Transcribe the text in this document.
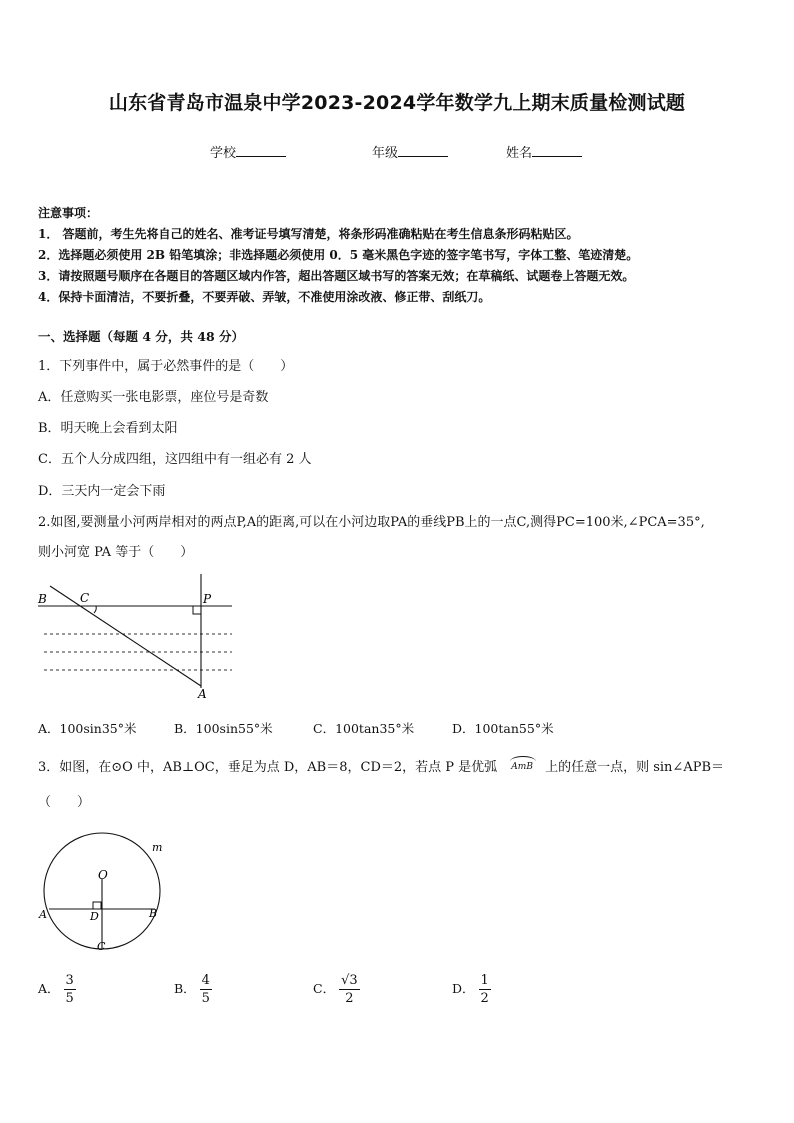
山东省青岛市温泉中学2023-2024学年数学九上期末质量检测试题
学校	年级	姓名
注意事项：
1． 答题前，考生先将自己的姓名、准考证号填写清楚，将条形码准确粘贴在考生信息条形码粘贴区。
2．选择题必须使用 2B 铅笔填涂；非选择题必须使用 0．5 毫米黑色字迹的签字笔书写，字体工整、笔迹清楚。
3．请按照题号顺序在各题目的答题区域内作答，超出答题区域书写的答案无效；在草稿纸、试题卷上答题无效。
4．保持卡面清洁，不要折叠，不要弄破、弄皱，不准使用涂改液、修正带、刮纸刀。
一、选择题（每题 4 分，共 48 分）
1．下列事件中，属于必然事件的是（　　）
A．任意购买一张电影票，座位号是奇数
B．明天晚上会看到太阳
C．五个人分成四组，这四组中有一组必有 2 人
D．三天内一定会下雨
2.如图,要测量小河两岸相对的两点P,A的距离,可以在小河边取PA的垂线PB上的一点C,测得PC=100米,∠PCA=35°,
则小河宽 PA 等于（　　）
B	C	P
A
A．100sin35°米	B．100sin55°米	C．100tan35°米	D．100tan55°米
3．如图，在⊙O 中，AB⊥OC，垂足为点 D，AB＝8，CD＝2，若点 P 是优弧 AmB 上的任意一点，则 sin∠APB＝
（　　）
O
m
A	B
D
C
A． $\frac{3}{5}$	B． $\frac{4}{5}$	C． $\frac{√3}{2}$	D． $\frac{1}{2}$
